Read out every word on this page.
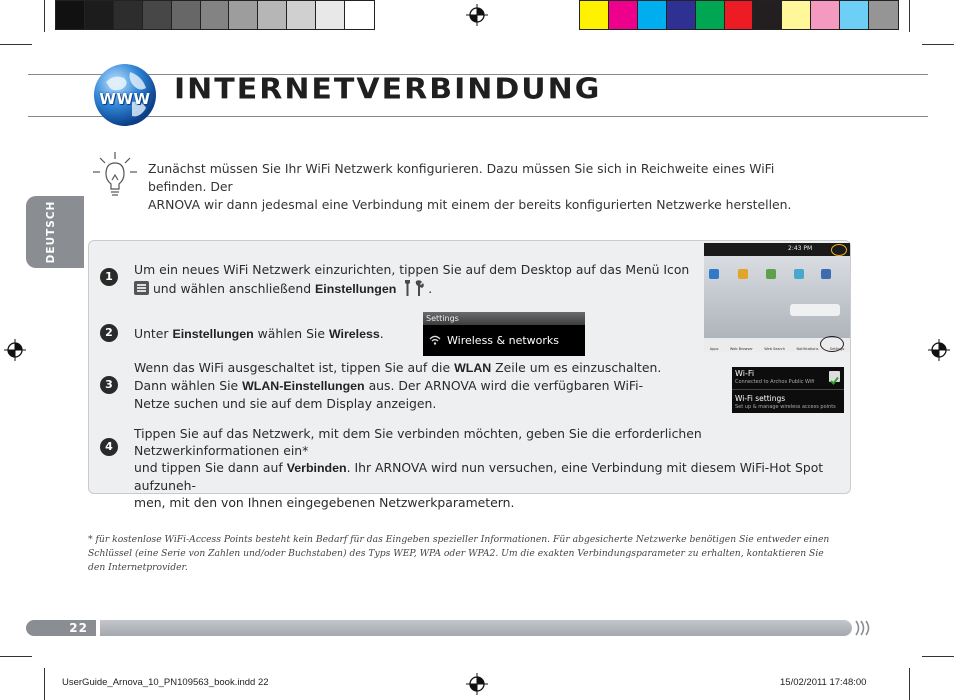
WWW INTERNETVERBINDUNG
DEUTSCH
Zunächst müssen Sie Ihr WiFi Netzwerk konfigurieren. Dazu müssen Sie sich in Reichweite eines WiFi befinden. Der
ARNOVA wir dann jedesmal eine Verbindung mit einem der bereits konfigurierten Netzwerke herstellen.
1	Um ein neues WiFi Netzwerk einzurichten, tippen Sie auf dem Desktop auf das Menü Icon
und wählen anschließend Einstellungen	.
2	Unter Einstellungen wählen Sie Wireless.
Settings
Wireless & networks
2:43 PM
Apps	Web Browser	Web Search	Notifications	Settings
3
Wenn das WiFi ausgeschaltet ist, tippen Sie auf die WLAN Zeile um es einzuschalten.
Dann wählen Sie WLAN-Einstellungen aus. Der ARNOVA wird die verfügbaren WiFi-
Netze suchen und sie auf dem Display anzeigen.
Wi-Fi
Connected to Archos Public Wifi
Wi-Fi settings
Set up & manage wireless access points
4
Tippen Sie auf das Netzwerk, mit dem Sie verbinden möchten, geben Sie die erforderlichen Netzwerkinformationen ein*
und tippen Sie dann auf Verbinden. Ihr ARNOVA wird nun versuchen, eine Verbindung mit diesem WiFi-Hot Spot aufzuneh-
men, mit den von Ihnen eingegebenen Netzwerkparametern.
* für kostenlose WiFi-Access Points besteht kein Bedarf für das Eingeben spezieller Informationen. Für abgesicherte Netzwerke benötigen Sie entweder einen
Schlüssel (eine Serie von Zahlen und/oder Buchstaben) des Typs WEP, WPA oder WPA2. Um die exakten Verbindungsparameter zu erhalten, kontaktieren Sie
den Internetprovider.
22
UserGuide_Arnova_10_PN109563_book.indd 22	15/02/2011 17:48:00
